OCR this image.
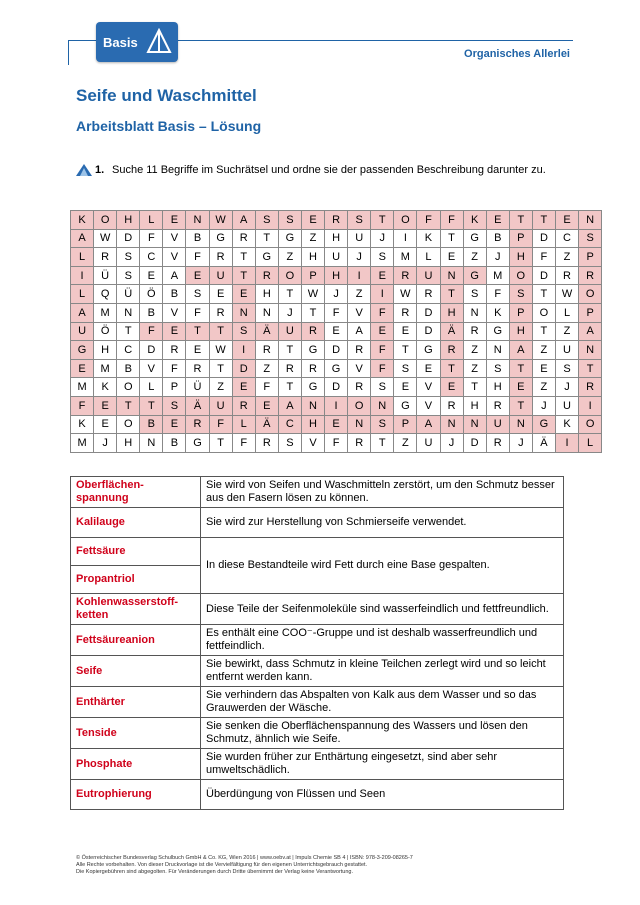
Basis
Organisches Allerlei
Seife und Waschmittel
Arbeitsblatt Basis – Lösung
1. Suche 11 Begriffe im Suchrätsel und ordne sie der passenden Beschreibung darunter zu.
K	O	H	L	E	N	W	A	S	S	E	R	S	T	O	F	F	K	E	T	T	E	N
A	W	D	F	V	B	G	R	T	G	Z	H	U	J	I	K	T	G	B	P	D	C	S
L	R	S	C	V	F	R	T	G	Z	H	U	J	S	M	L	E	Z	J	H	F	Z	P
I	Ü	S	E	A	E	U	T	R	O	P	H	I	E	R	U	N	G	M	O	D	R	R
L	Q	Ü	Ö	B	S	E	E	H	T	W	J	Z	I	W	R	T	S	F	S	T	W	O
A	M	N	B	V	F	R	N	N	J	T	F	V	F	R	D	H	N	K	P	O	L	P
U	Ö	T	F	E	T	T	S	Ä	U	R	E	A	E	E	D	Ä	R	G	H	T	Z	A
G	H	C	D	R	E	W	I	R	T	G	D	R	F	T	G	R	Z	N	A	Z	U	N
E	M	B	V	F	R	T	D	Z	R	R	G	V	F	S	E	T	Z	S	T	E	S	T
M	K	O	L	P	Ü	Z	E	F	T	G	D	R	S	E	V	E	T	H	E	Z	J	R
F	E	T	T	S	Ä	U	R	E	A	N	I	O	N	G	V	R	H	R	T	J	U	I
K	E	O	B	E	R	F	L	Ä	C	H	E	N	S	P	A	N	N	U	N	G	K	O
M	J	H	N	B	G	T	F	R	S	V	F	R	T	Z	U	J	D	R	J	Ä	I	L
Oberflächen-
spannung	Sie wird von Seifen und Waschmitteln zerstört, um den Schmutz besser aus den Fasern lösen zu können.
Kalilauge	Sie wird zur Herstellung von Schmierseife verwendet.
Fettsäure	In diese Bestandteile wird Fett durch eine Base gespalten.
Propantriol	
Kohlenwasserstoff-
ketten	Diese Teile der Seifenmoleküle sind wasserfeindlich und fettfreundlich.
Fettsäureanion	Es enthält eine COO⁻-Gruppe und ist deshalb wasserfreundlich und fettfeindlich.
Seife	Sie bewirkt, dass Schmutz in kleine Teilchen zerlegt wird und so leicht entfernt werden kann.
Enthärter	Sie verhindern das Abspalten von Kalk aus dem Wasser und so das Grauwerden der Wäsche.
Tenside	Sie senken die Oberflächenspannung des Wassers und lösen den Schmutz, ähnlich wie Seife.
Phosphate	Sie wurden früher zur Enthärtung eingesetzt, sind aber sehr umweltschädlich.
Eutrophierung	Überdüngung von Flüssen und Seen
© Österreichischer Bundesverlag Schulbuch GmbH & Co. KG, Wien 2016 | www.oebv.at | Impuls Chemie SB 4 | ISBN: 978-3-209-08265-7
Alle Rechte vorbehalten. Von dieser Druckvorlage ist die Vervielfältigung für den eigenen Unterrichtsgebrauch gestattet.
Die Kopiergebühren sind abgegolten. Für Veränderungen durch Dritte übernimmt der Verlag keine Verantwortung.
